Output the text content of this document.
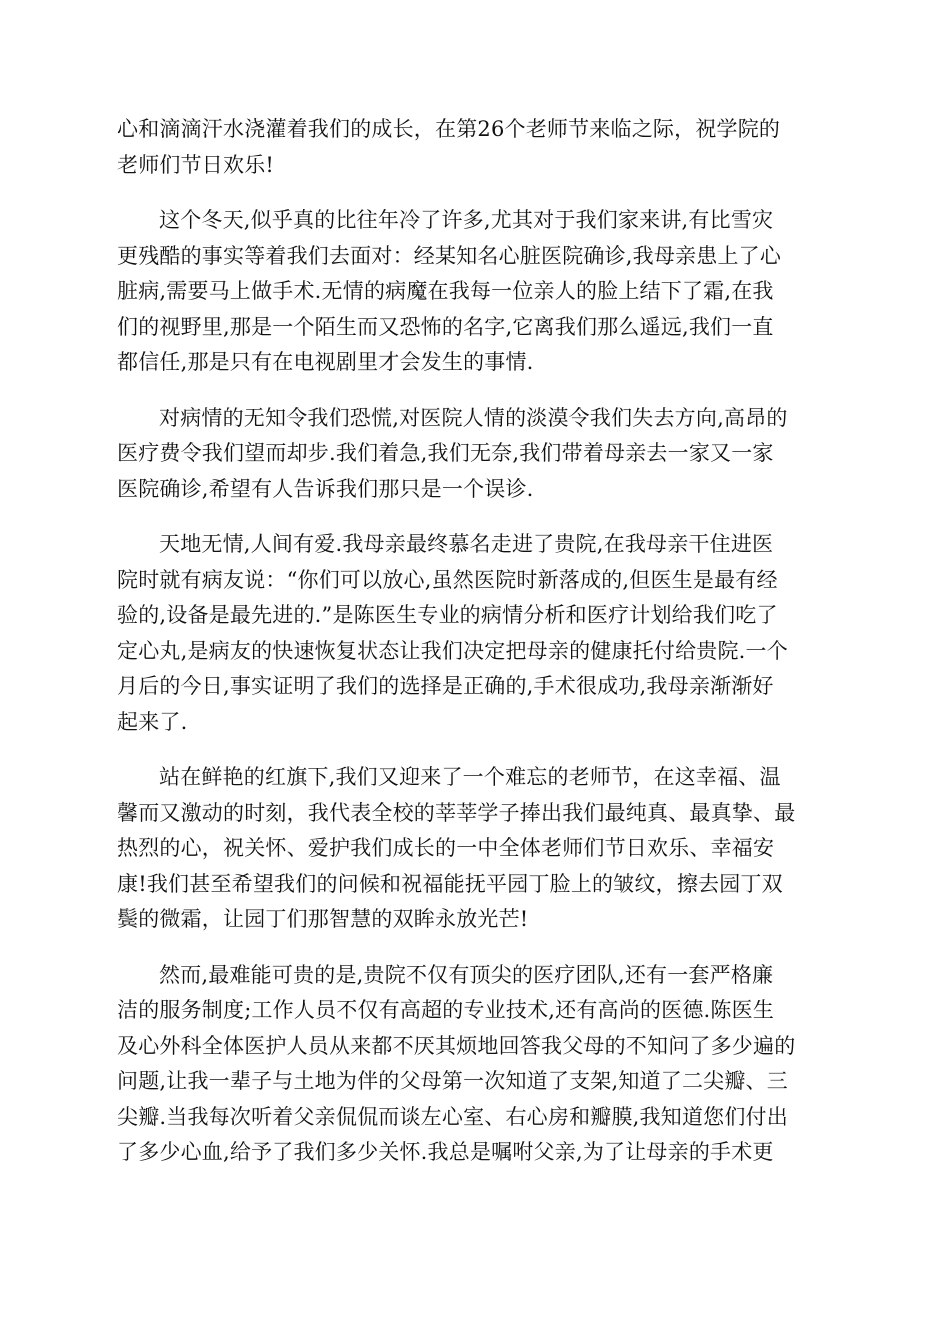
心和滴滴汗水浇灌着我们的成长，在第26个老师节来临之际，祝学院的
老师们节日欢乐!

这个冬天,似乎真的比往年冷了许多,尤其对于我们家来讲,有比雪灾
更残酷的事实等着我们去面对：经某知名心脏医院确诊,我母亲患上了心
脏病,需要马上做手术.无情的病魔在我每一位亲人的脸上结下了霜,在我
们的视野里,那是一个陌生而又恐怖的名字,它离我们那么遥远,我们一直
都信任,那是只有在电视剧里才会发生的事情.

对病情的无知令我们恐慌,对医院人情的淡漠令我们失去方向,高昂的
医疗费令我们望而却步.我们着急,我们无奈,我们带着母亲去一家又一家
医院确诊,希望有人告诉我们那只是一个误诊.

天地无情,人间有爱.我母亲最终慕名走进了贵院,在我母亲干住进医
院时就有病友说：“你们可以放心,虽然医院时新落成的,但医生是最有经
验的,设备是最先进的.”是陈医生专业的病情分析和医疗计划给我们吃了
定心丸,是病友的快速恢复状态让我们决定把母亲的健康托付给贵院.一个
月后的今日,事实证明了我们的选择是正确的,手术很成功,我母亲渐渐好
起来了.

站在鲜艳的红旗下,我们又迎来了一个难忘的老师节，在这幸福、温
馨而又激动的时刻，我代表全校的莘莘学子捧出我们最纯真、最真挚、最
热烈的心，祝关怀、爱护我们成长的一中全体老师们节日欢乐、幸福安
康!我们甚至希望我们的问候和祝福能抚平园丁脸上的皱纹，擦去园丁双
鬓的微霜，让园丁们那智慧的双眸永放光芒!

然而,最难能可贵的是,贵院不仅有顶尖的医疗团队,还有一套严格廉
洁的服务制度;工作人员不仅有高超的专业技术,还有高尚的医德.陈医生
及心外科全体医护人员从来都不厌其烦地回答我父母的不知问了多少遍的
问题,让我一辈子与土地为伴的父母第一次知道了支架,知道了二尖瓣、三
尖瓣.当我每次听着父亲侃侃而谈左心室、右心房和瓣膜,我知道您们付出
了多少心血,给予了我们多少关怀.我总是嘱咐父亲,为了让母亲的手术更
